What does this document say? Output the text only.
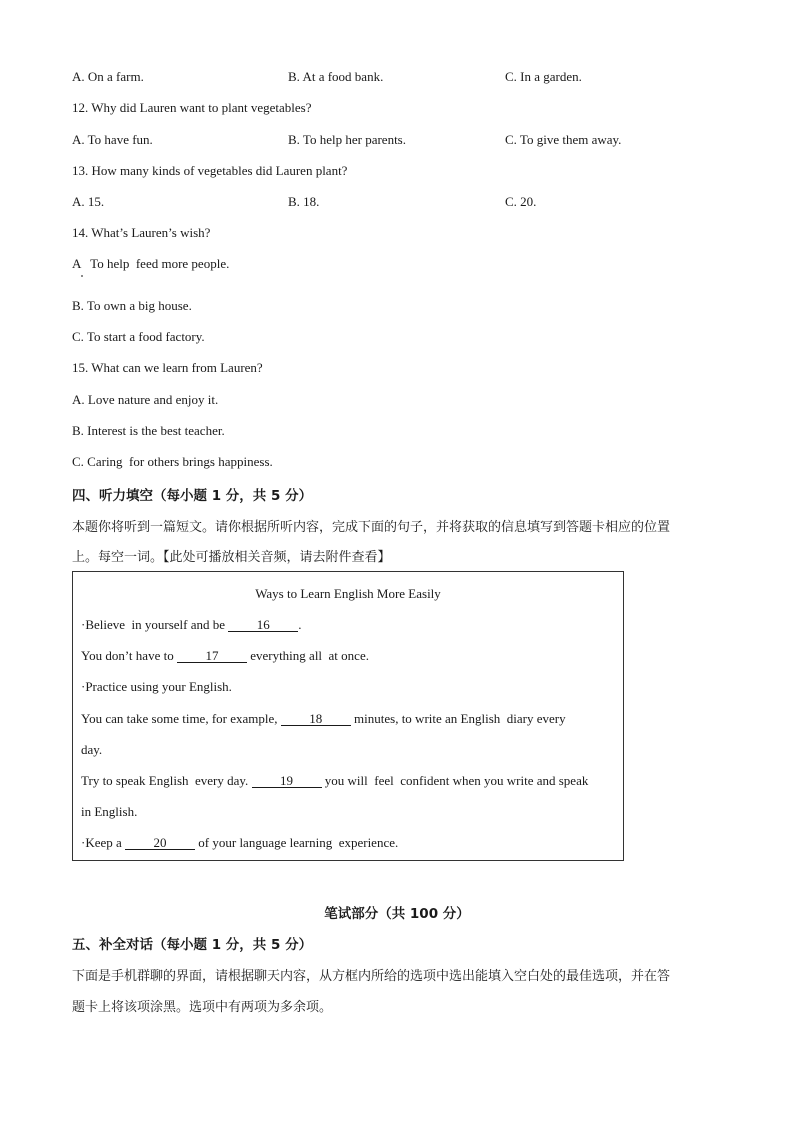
A. On a farm.	B. At a food bank.	C. In a garden.
12. Why did Lauren want to plant vegetables?
A. To have fun.	B. To help her parents.	C. To give them away.
13. How many kinds of vegetables did Lauren plant?
A. 15.	B. 18.	C. 20.
14. What’s Lauren’s wish?
A   To help  feed more people.
B. To own a big house.
C. To start a food factory.
15. What can we learn from Lauren?
A. Love nature and enjoy it.
B. Interest is the best teacher.
C. Caring  for others brings happiness.
四、听力填空（每小题 1 分，共 5 分）
本题你将听到一篇短文。请你根据所听内容，完成下面的句子，并将获取的信息填写到答题卡相应的位置
上。每空一词。【此处可播放相关音频，请去附件查看】
Ways to Learn English More Easily
·Believe  in yourself and be 16 .
You don’t have to 17 everything all  at once.
·Practice using your English.
You can take some time, for example, 18 minutes, to write an English  diary every
day.
Try to speak English  every day. 19 you will  feel  confident when you write and speak
in English.
·Keep a 20 of your language learning  experience.
笔试部分（共 100 分）
五、补全对话（每小题 1 分，共 5 分）
下面是手机群聊的界面，请根据聊天内容，从方框内所给的选项中选出能填入空白处的最佳选项，并在答
题卡上将该项涂黑。选项中有两项为多余项。
